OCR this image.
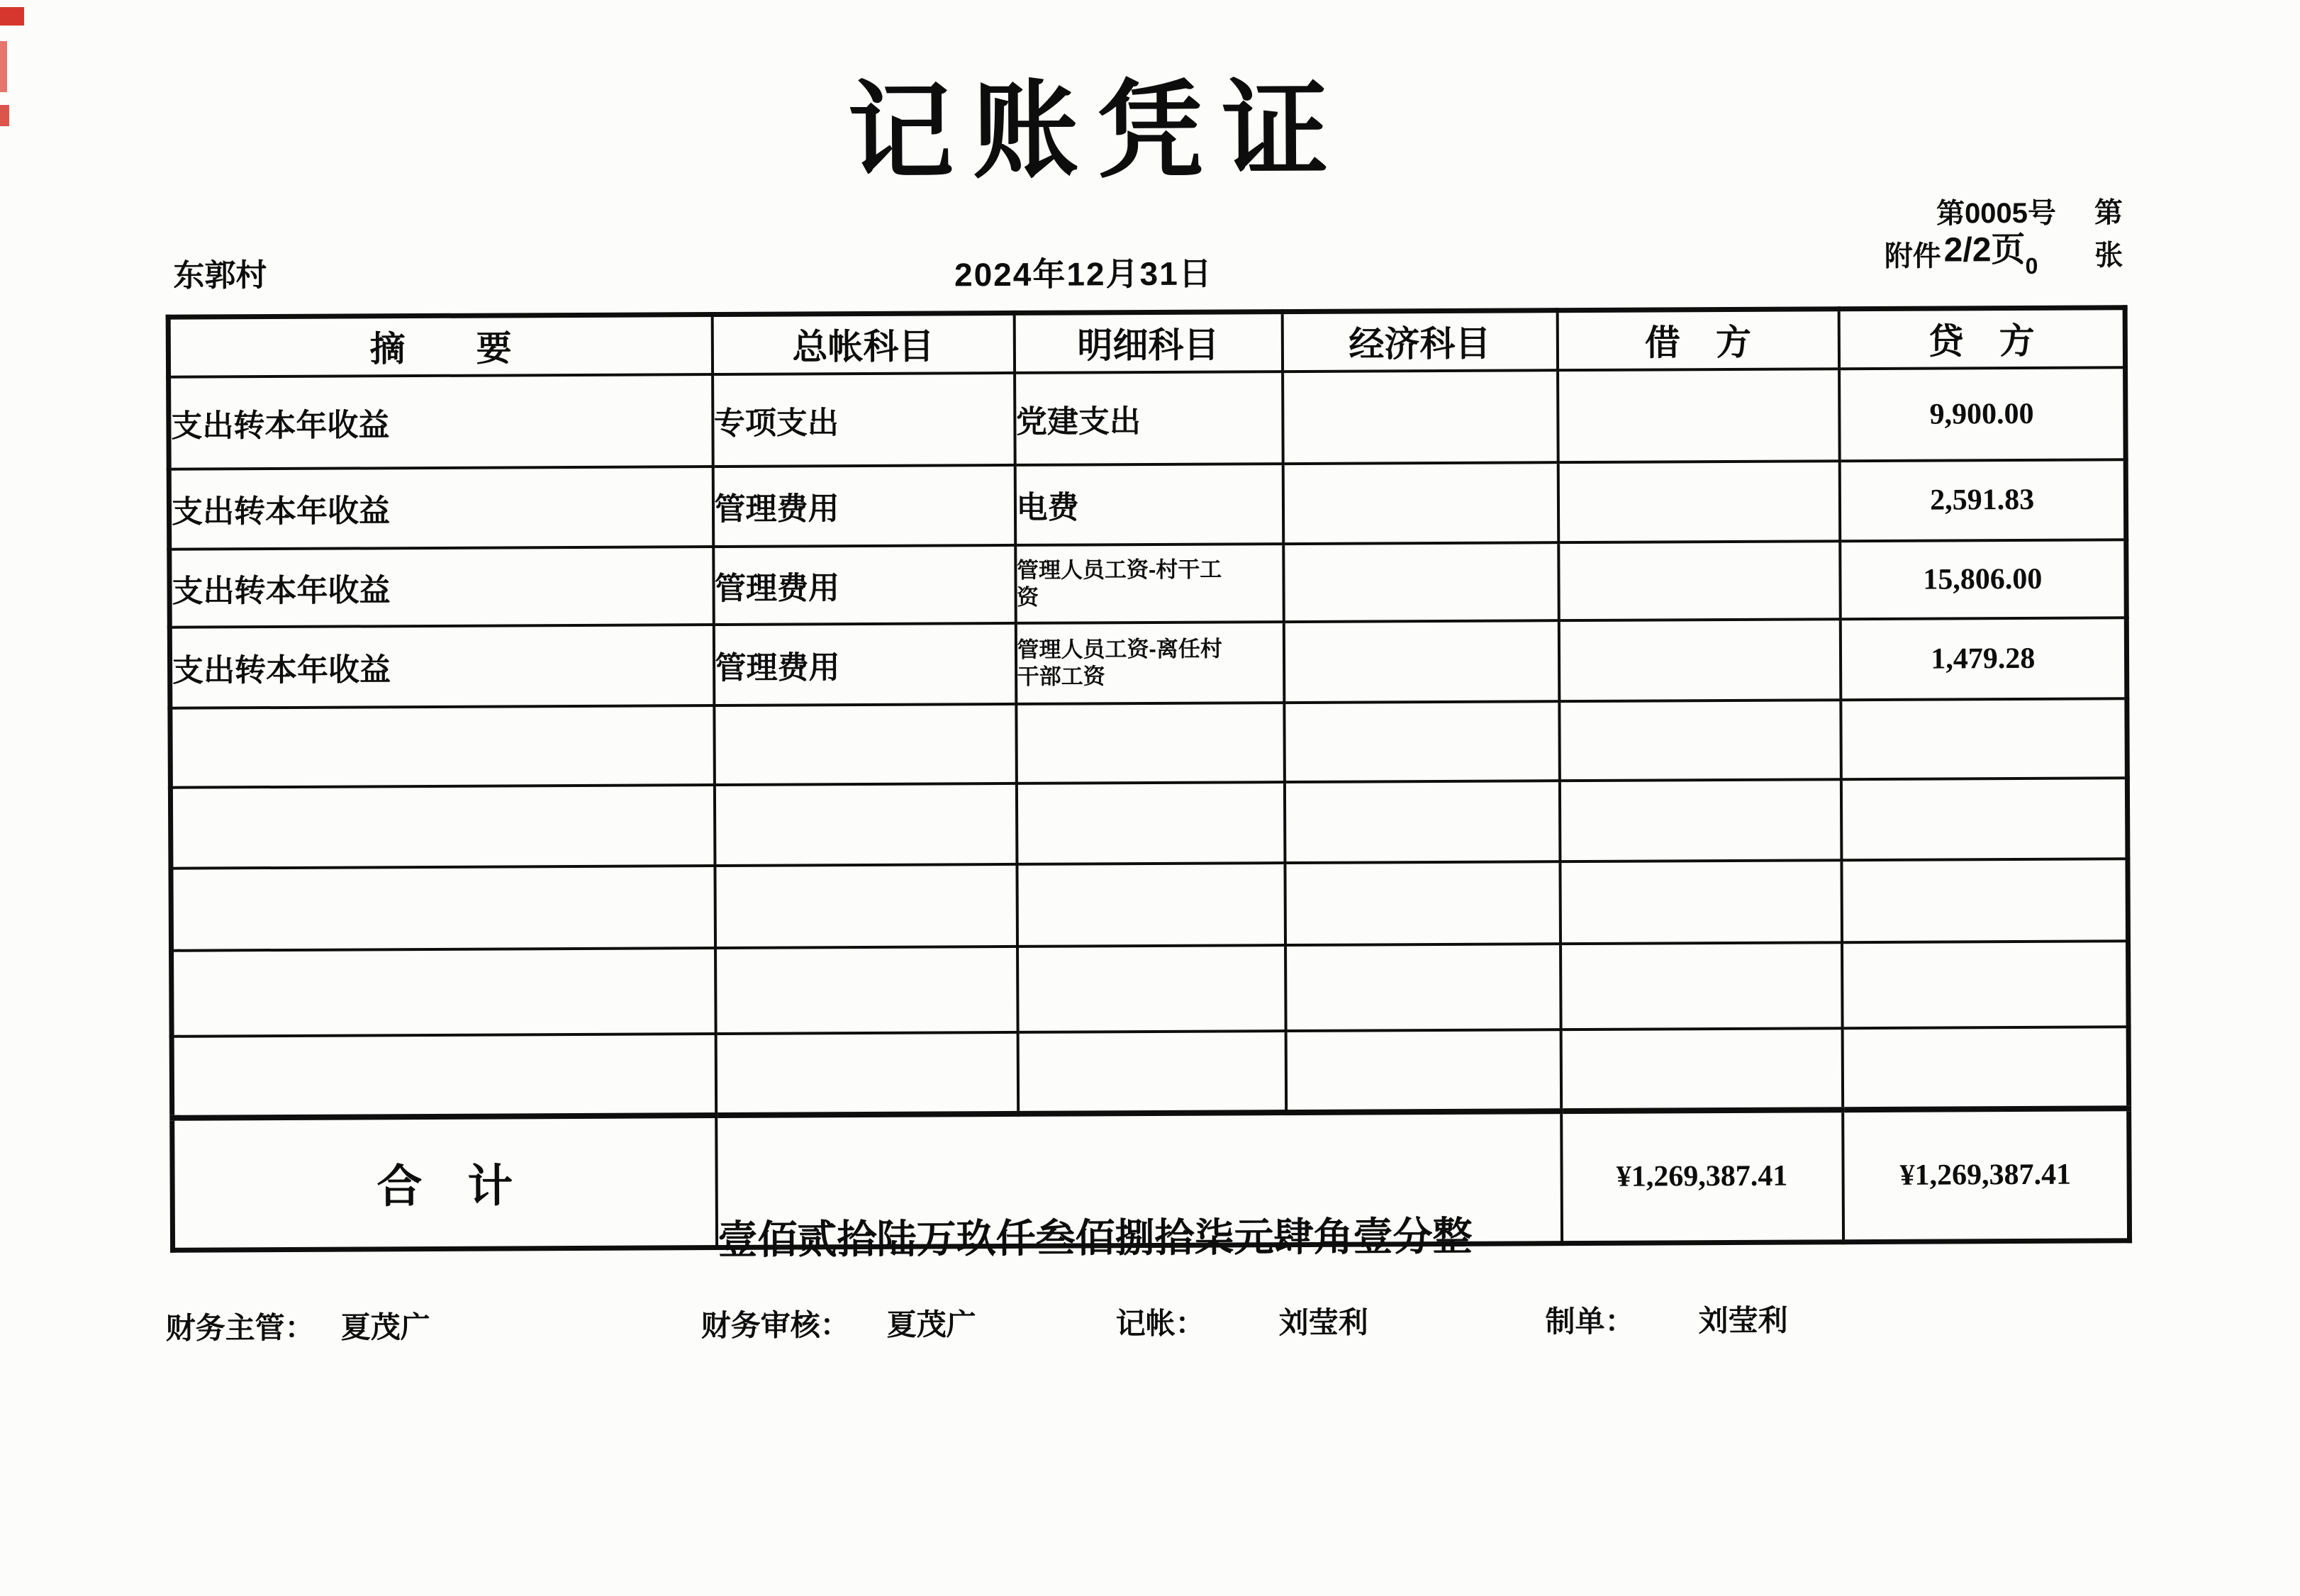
记账凭证
东郭村	2024年12月31日
第0005号 第
附件2/2页$_0$ 张
摘　　要	总帐科目	明细科目	经济科目	借　方	贷　方
支出转本年收益	专项支出	党建支出			9,900.00
支出转本年收益	管理费用	电费			2,591.83
支出转本年收益	管理费用	管理人员工资-村干工资			15,806.00
支出转本年收益	管理费用	管理人员工资-离任村干部工资			1,479.28

合　计	壹佰贰拾陆万玖仟叁佰捌拾柒元肆角壹分整			¥1,269,387.41	¥1,269,387.41
财务主管： 夏茂广	财务审核： 夏茂广	记帐： 刘莹利	制单： 刘莹利
